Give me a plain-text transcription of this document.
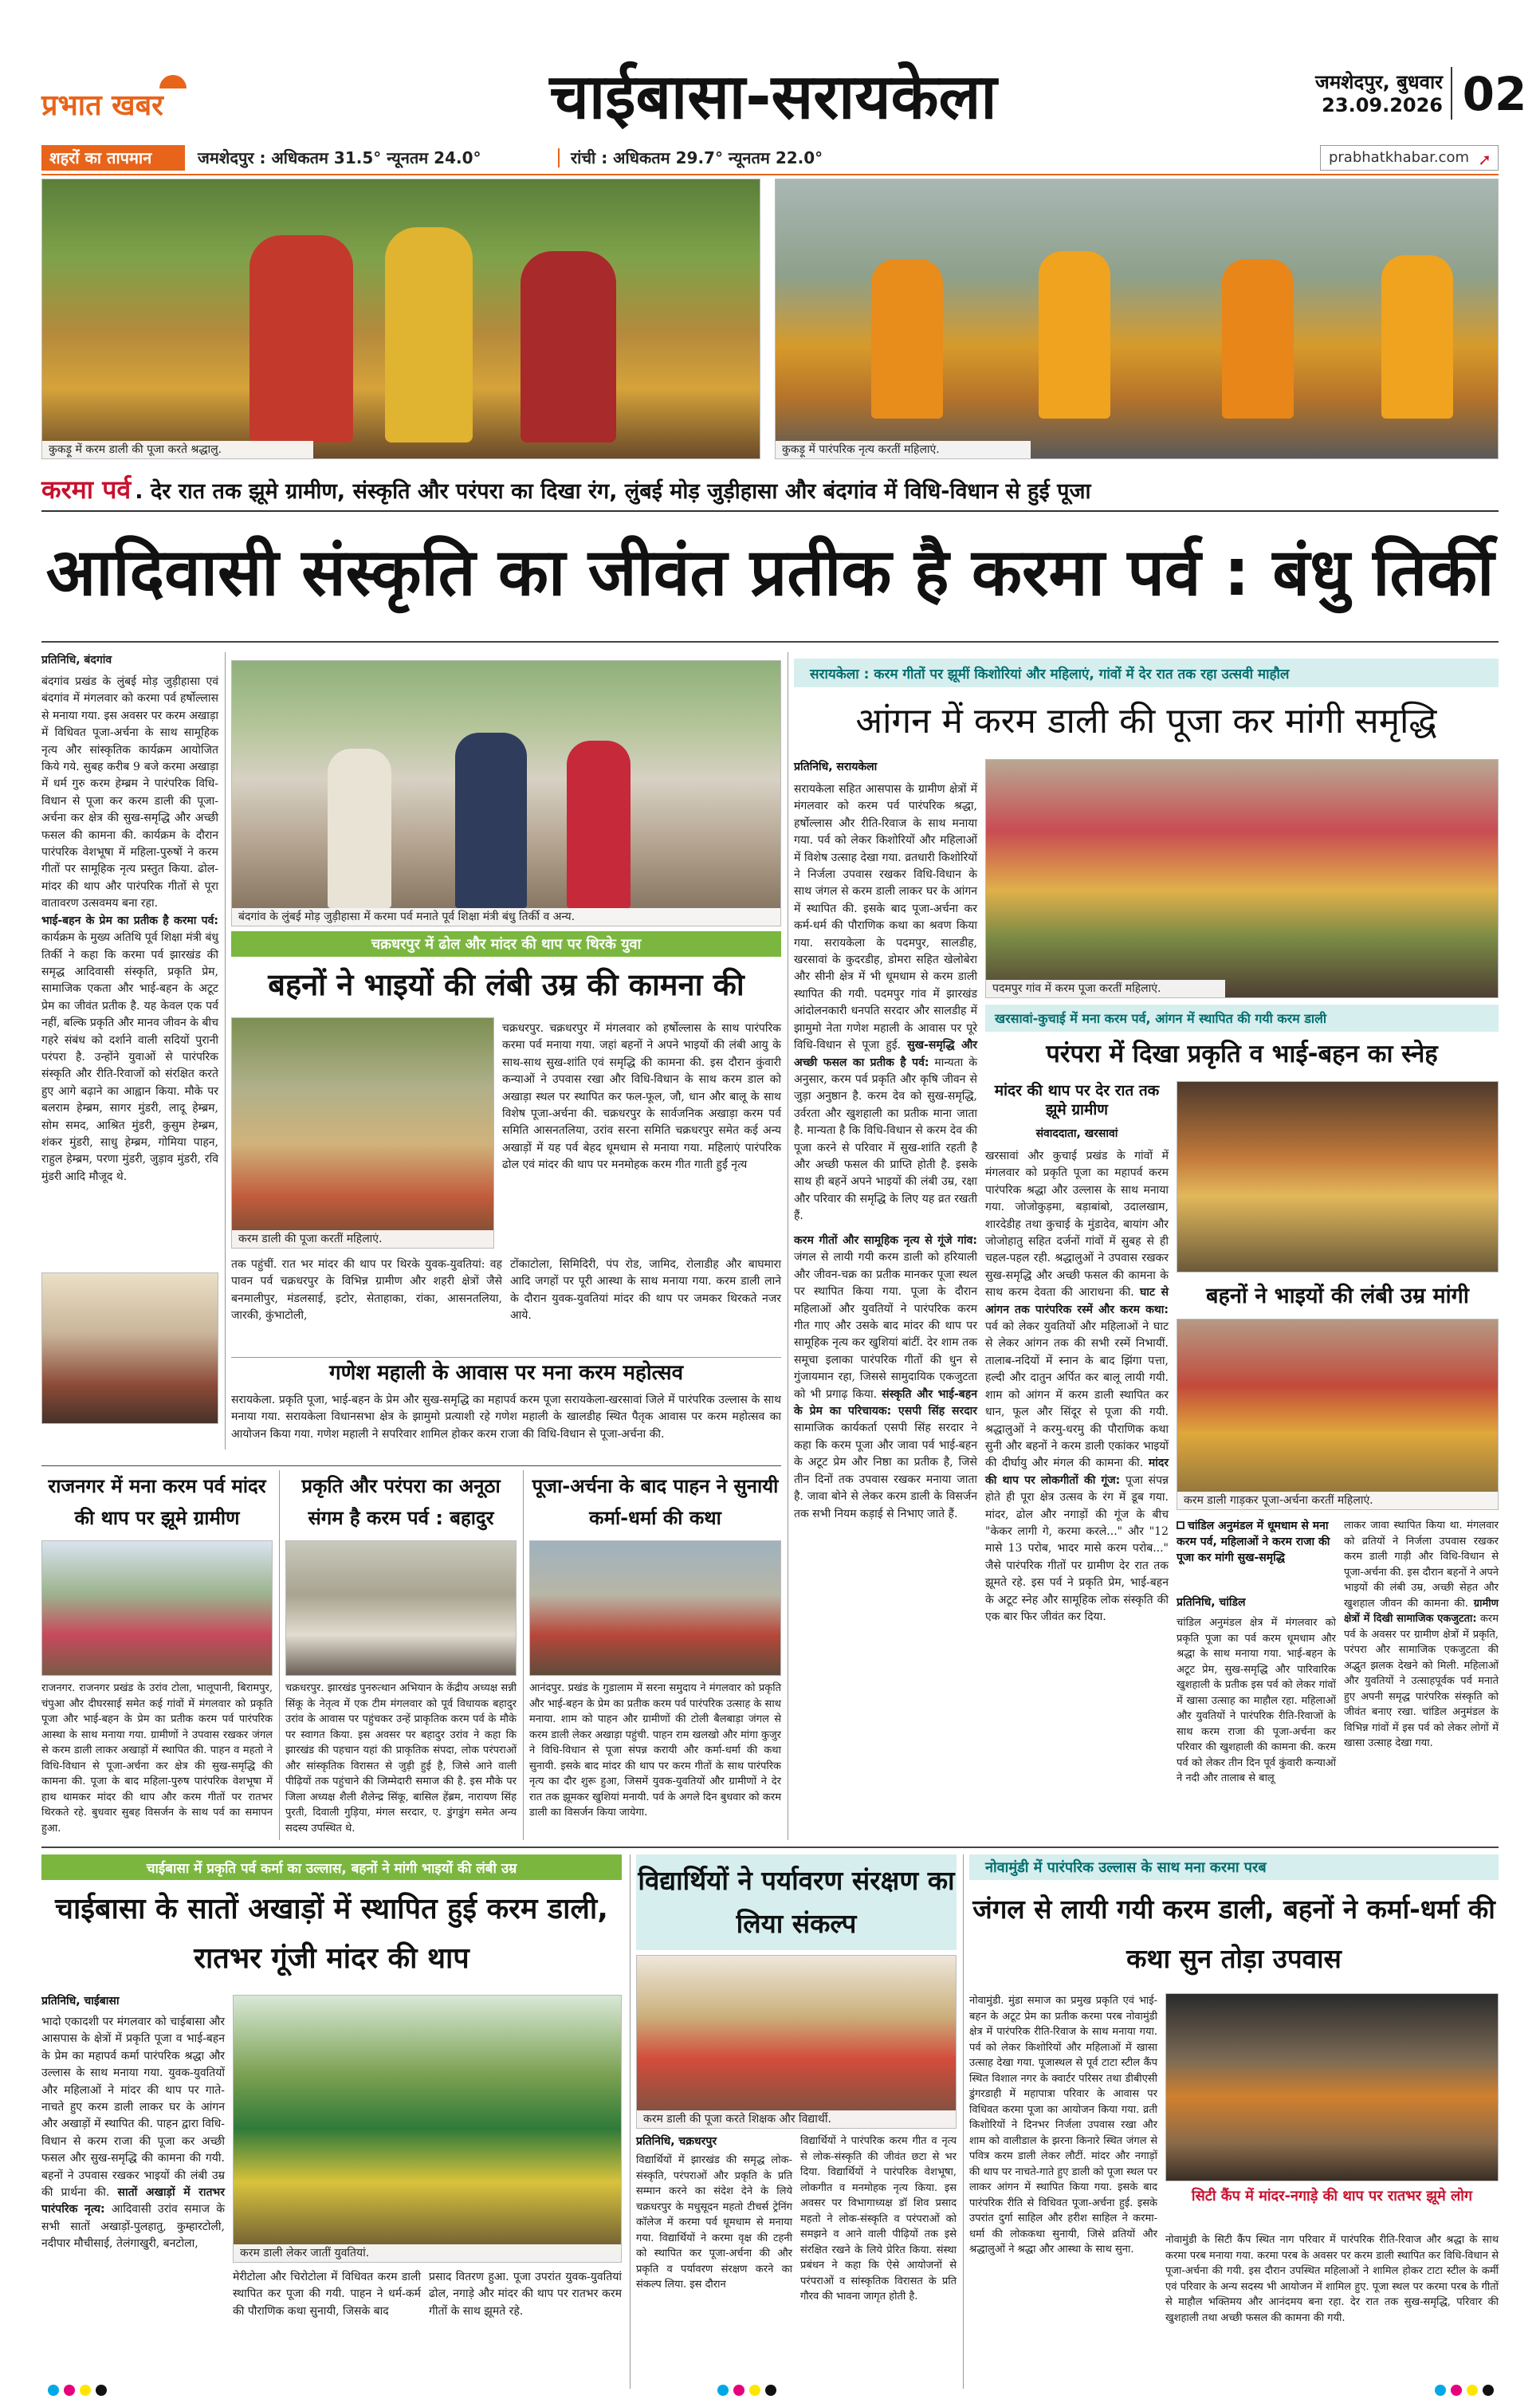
प्रभात खबर	चाईबासा-सरायकेला	जमशेदपुर, बुधवार
23.09.2026 02
शहरों का तापमान	जमशेदपुर : अधिकतम 31.5° न्यूनतम 24.0°	रांची : अधिकतम 29.7° न्यूनतम 22.0°	prabhatkhabar.com ➚
कुकड़ू में करम डाली की पूजा करते श्रद्धालु.	कुकड़ू में पारंपरिक नृत्य करतीं महिलाएं.
करमा पर्व . देर रात तक झूमे ग्रामीण, संस्कृति और परंपरा का दिखा रंग, लुंबई मोड़ जुड़ीहासा और बंदगांव में विधि-विधान से हुई पूजा
आदिवासी संस्कृति का जीवंत प्रतीक है करमा पर्व : बंधु तिर्की
प्रतिनिधि, बंदगांव
बंदगांव प्रखंड के लुंबई मोड़ जुड़ीहासा एवं बंदगांव में मंगलवार को करमा पर्व हर्षोल्लास से मनाया गया. इस अवसर पर करम अखाड़ा में विधिवत पूजा-अर्चना के साथ सामूहिक नृत्य और सांस्कृतिक कार्यक्रम आयोजित किये गये. सुबह करीब 9 बजे करमा अखाड़ा में धर्म गुरु करम हेम्ब्रम ने पारंपरिक विधि-विधान से पूजा कर करम डाली की पूजा-अर्चना कर क्षेत्र की सुख-समृद्धि और अच्छी फसल की कामना की. कार्यक्रम के दौरान पारंपरिक वेशभूषा में महिला-पुरुषों ने करम गीतों पर सामूहिक नृत्य प्रस्तुत किया. ढोल-मांदर की थाप और पारंपरिक गीतों से पूरा वातावरण उत्सवमय बना रहा.
भाई-बहन के प्रेम का प्रतीक है करमा पर्व: कार्यक्रम के मुख्य अतिथि पूर्व शिक्षा मंत्री बंधु तिर्की ने कहा कि करमा पर्व झारखंड की समृद्ध आदिवासी संस्कृति, प्रकृति प्रेम, सामाजिक एकता और भाई-बहन के अटूट प्रेम का जीवंत प्रतीक है. यह केवल एक पर्व नहीं, बल्कि प्रकृति और मानव जीवन के बीच गहरे संबंध को दर्शाने वाली सदियों पुरानी परंपरा है. उन्होंने युवाओं से पारंपरिक संस्कृति और रीति-रिवाजों को संरक्षित करते हुए आगे बढ़ाने का आह्वान किया. मौके पर बलराम हेम्ब्रम, सागर मुंडरी, लादू हेम्ब्रम, सोम समद, आश्रित मुंडरी, कुसुम हेम्ब्रम, शंकर मुंडरी, साधु हेम्ब्रम, गोमिया पाहन, राहुल हेम्ब्रम, परणा मुंडरी, जुड़ाव मुंडरी, रवि मुंडरी आदि मौजूद थे.
बंदगांव के लुंबई मोड़ जुड़ीहासा में करमा पर्व मनाते पूर्व शिक्षा मंत्री बंधु तिर्की व अन्य.
चक्रधरपुर में ढोल और मांदर की थाप पर थिरके युवा
बहनों ने भाइयों की लंबी उम्र की कामना की
करम डाली की पूजा करतीं महिलाएं.
चक्रधरपुर. चक्रधरपुर में मंगलवार को हर्षोल्लास के साथ पारंपरिक करमा पर्व मनाया गया. जहां बहनों ने अपने भाइयों की लंबी आयु के साथ-साथ सुख-शांति एवं समृद्धि की कामना की. इस दौरान कुंवारी कन्याओं ने उपवास रखा और विधि-विधान के साथ करम डाल को अखाड़ा स्थल पर स्थापित कर फल-फूल, जौ, धान और बालू के साथ विशेष पूजा-अर्चना की. चक्रधरपुर के सार्वजनिक अखाड़ा करम पर्व समिति आसनतलिया, उरांव सरना समिति चक्रधरपुर समेत कई अन्य अखाड़ों में यह पर्व बेहद धूमधाम से मनाया गया. महिलाएं पारंपरिक ढोल एवं मांदर की थाप पर मनमोहक करम गीत गाती हुईं नृत्य
तक पहुंचीं. रात भर मांदर की थाप पर थिरके युवक-युवतियां: वह पावन पर्व चक्रधरपुर के विभिन्न ग्रामीण और शहरी क्षेत्रों जैसे बनमालीपुर, मंडलसाई, इटोर, सेताहाका, रांका, आसनतलिया, जारकी, कुंभाटोली,
टोंकाटोला, सिमिदिरी, पंप रोड, जामिद, रोलाडीह और बाघमारा आदि जगहों पर पूरी आस्था के साथ मनाया गया. करम डाली लाने के दौरान युवक-युवतियां मांदर की थाप पर जमकर थिरकते नजर आये.
गणेश महाली के आवास पर मना करम महोत्सव
सरायकेला. प्रकृति पूजा, भाई-बहन के प्रेम और सुख-समृद्धि का महापर्व करम पूजा सरायकेला-खरसावां जिले में पारंपरिक उल्लास के साथ मनाया गया. सरायकेला विधानसभा क्षेत्र के झामुमो प्रत्याशी रहे गणेश महाली के खालडीह स्थित पैतृक आवास पर करम महोत्सव का आयोजन किया गया. गणेश महाली ने सपरिवार शामिल होकर करम राजा की विधि-विधान से पूजा-अर्चना की.
राजनगर में मना करम पर्व मांदर की थाप पर झूमे ग्रामीण
राजनगर. राजनगर प्रखंड के उरांव टोला, भालूपानी, बिरामपुर, चंपुआ और दीघरसाई समेत कई गांवों में मंगलवार को प्रकृति पूजा और भाई-बहन के प्रेम का प्रतीक करम पर्व पारंपरिक आस्था के साथ मनाया गया. ग्रामीणों ने उपवास रखकर जंगल से करम डाली लाकर अखाड़ों में स्थापित की. पाहन व महतो ने विधि-विधान से पूजा-अर्चना कर क्षेत्र की सुख-समृद्धि की कामना की. पूजा के बाद महिला-पुरुष पारंपरिक वेशभूषा में हाथ थामकर मांदर की थाप और करम गीतों पर रातभर थिरकते रहे. बुधवार सुबह विसर्जन के साथ पर्व का समापन हुआ.
प्रकृति और परंपरा का अनूठा संगम है करम पर्व : बहादुर
चक्रधरपुर. झारखंड पुनरुत्थान अभियान के केंद्रीय अध्यक्ष सन्नी सिंकू के नेतृत्व में एक टीम मंगलवार को पूर्व विधायक बहादुर उरांव के आवास पर पहुंचकर उन्हें प्राकृतिक करम पर्व के मौके पर स्वागत किया. इस अवसर पर बहादुर उरांव ने कहा कि झारखंड की पहचान यहां की प्राकृतिक संपदा, लोक परंपराओं और सांस्कृतिक विरासत से जुड़ी हुई है, जिसे आने वाली पीढ़ियों तक पहुंचाने की जिम्मेदारी समाज की है. इस मौके पर जिला अध्यक्ष शैली शैलेन्द्र सिंकू, बासिल हेंब्रम, नारायण सिंह पुरती, दिवाली गुड़िया, मंगल सरदार, ए. डुंगडुंग समेत अन्य सदस्य उपस्थित थे.
पूजा-अर्चना के बाद पाहन ने सुनायी कर्मा-धर्मा की कथा
आनंदपुर. प्रखंड के गुडालाम में सरना समुदाय ने मंगलवार को प्रकृति और भाई-बहन के प्रेम का प्रतीक करम पर्व पारंपरिक उत्साह के साथ मनाया. शाम को पाहन और ग्रामीणों की टोली बैलबाड़ा जंगल से करम डाली लेकर अखाड़ा पहुंची. पाहन राम खलखो और मांगा कुजुर ने विधि-विधान से पूजा संपन्न करायी और कर्मा-धर्मा की कथा सुनायी. इसके बाद मांदर की थाप पर करम गीतों के साथ पारंपरिक नृत्य का दौर शुरू हुआ, जिसमें युवक-युवतियों और ग्रामीणों ने देर रात तक झूमकर खुशियां मनायी. पर्व के अगले दिन बुधवार को करम डाली का विसर्जन किया जायेगा.
सरायकेला : करम गीतों पर झूमीं किशोरियां और महिलाएं, गांवों में देर रात तक रहा उत्सवी माहौल
आंगन में करम डाली की पूजा कर मांगी समृद्धि
प्रतिनिधि, सरायकेला
सरायकेला सहित आसपास के ग्रामीण क्षेत्रों में मंगलवार को करम पर्व पारंपरिक श्रद्धा, हर्षोल्लास और रीति-रिवाज के साथ मनाया गया. पर्व को लेकर किशोरियों और महिलाओं में विशेष उत्साह देखा गया. व्रतधारी किशोरियों ने निर्जला उपवास रखकर विधि-विधान के साथ जंगल से करम डाली लाकर घर के आंगन में स्थापित की. इसके बाद पूजा-अर्चना कर कर्म-धर्म की पौराणिक कथा का श्रवण किया गया. सरायकेला के पदमपुर, सालडीह, खरसावां के कुदरडीह, डोमरा सहित खेलोबेरा और सीनी क्षेत्र में भी धूमधाम से करम डाली स्थापित की गयी. पदमपुर गांव में झारखंड आंदोलनकारी धनपति सरदार और सालडीह में झामुमो नेता गणेश महाली के आवास पर पूरे विधि-विधान से पूजा हुई. सुख-समृद्धि और अच्छी फसल का प्रतीक है पर्व: मान्यता के अनुसार, करम पर्व प्रकृति और कृषि जीवन से जुड़ा अनुष्ठान है. करम देव को सुख-समृद्धि, उर्वरता और खुशहाली का प्रतीक माना जाता है. मान्यता है कि विधि-विधान से करम देव की पूजा करने से परिवार में सुख-शांति रहती है और अच्छी फसल की प्राप्ति होती है. इसके साथ ही बहनें अपने भाइयों की लंबी उम्र, रक्षा और परिवार की समृद्धि के लिए यह व्रत रखती हैं.
पदमपुर गांव में करम पूजा करतीं महिलाएं.
खरसावां-कुचाई में मना करम पर्व, आंगन में स्थापित की गयी करम डाली
परंपरा में दिखा प्रकृति व भाई-बहन का स्नेह
मांदर की थाप पर देर रात तक झूमे ग्रामीण
संवाददाता, खरसावां
खरसावां और कुचाई प्रखंड के गांवों में मंगलवार को प्रकृति पूजा का महापर्व करम पारंपरिक श्रद्धा और उल्लास के साथ मनाया गया. जोजोकुड़मा, बड़ाबांबो, उदालखाम, शारदेडीह तथा कुचाई के मुंडादेव, बायांग और जोजोहातु सहित दर्जनों गांवों में सुबह से ही चहल-पहल रही. श्रद्धालुओं ने उपवास रखकर सुख-समृद्धि और अच्छी फसल की कामना के साथ करम देवता की आराधना की. घाट से आंगन तक पारंपरिक रस्में और करम कथा: पर्व को लेकर युवतियों और महिलाओं ने घाट से लेकर आंगन तक की सभी रस्में निभायीं. तालाब-नदियों में स्नान के बाद झिंगा पत्ता, हल्दी और दातुन अर्पित कर बालू लायी गयी. शाम को आंगन में करम डाली स्थापित कर धान, फूल और सिंदूर से पूजा की गयी. श्रद्धालुओं ने करमु-धरमु की पौराणिक कथा सुनी और बहनों ने करम डाली एकांकर भाइयों की दीर्घायु और मंगल की कामना की. मांदर की थाप पर लोकगीतों की गूंज: पूजा संपन्न होते ही पूरा क्षेत्र उत्सव के रंग में डूब गया. मांदर, ढोल और नगाड़ों की गूंज के बीच "केकर लागी गे, करमा करले..." और "12 मासे 13 परोब, भादर मासे करम परोब..." जैसे पारंपरिक गीतों पर ग्रामीण देर रात तक झूमते रहे. इस पर्व ने प्रकृति प्रेम, भाई-बहन के अटूट स्नेह और सामूहिक लोक संस्कृति की एक बार फिर जीवंत कर दिया.
बहनों ने भाइयों की लंबी उम्र मांगी
करम डाली गाड़कर पूजा-अर्चना करतीं महिलाएं.
करम गीतों और सामूहिक नृत्य से गूंजे गांव: जंगल से लायी गयी करम डाली को हरियाली और जीवन-चक्र का प्रतीक मानकर पूजा स्थल पर स्थापित किया गया. पूजा के दौरान महिलाओं और युवतियों ने पारंपरिक करम गीत गाए और उसके बाद मांदर की थाप पर सामूहिक नृत्य कर खुशियां बांटीं. देर शाम तक समूचा इलाका पारंपरिक गीतों की धुन से गुंजायमान रहा, जिससे सामुदायिक एकजुटता को भी प्रगाढ़ किया. संस्कृति और भाई-बहन के प्रेम का परिचायक: एसपी सिंह सरदार सामाजिक कार्यकर्ता एसपी सिंह सरदार ने कहा कि करम पूजा और जावा पर्व भाई-बहन के अटूट प्रेम और निष्ठा का प्रतीक है, जिसे तीन दिनों तक उपवास रखकर मनाया जाता है. जावा बोने से लेकर करम डाली के विसर्जन तक सभी नियम कड़ाई से निभाए जाते हैं.
चांडिल अनुमंडल में धूमधाम से मना करम पर्व, महिलाओं ने करम राजा की पूजा कर मांगी सुख-समृद्धि
प्रतिनिधि, चांडिल
चांडिल अनुमंडल क्षेत्र में मंगलवार को प्रकृति पूजा का पर्व करम धूमधाम और श्रद्धा के साथ मनाया गया. भाई-बहन के अटूट प्रेम, सुख-समृद्धि और पारिवारिक खुशहाली के प्रतीक इस पर्व को लेकर गांवों में खासा उत्साह का माहौल रहा. महिलाओं और युवतियों ने पारंपरिक रीति-रिवाजों के साथ करम राजा की पूजा-अर्चना कर परिवार की खुशहाली की कामना की. करम पर्व को लेकर तीन दिन पूर्व कुंवारी कन्याओं ने नदी और तालाब से बालू
लाकर जावा स्थापित किया था. मंगलवार को व्रतियों ने निर्जला उपवास रखकर करम डाली गाड़ी और विधि-विधान से पूजा-अर्चना की. इस दौरान बहनों ने अपने भाइयों की लंबी उम्र, अच्छी सेहत और खुशहाल जीवन की कामना की. ग्रामीण क्षेत्रों में दिखी सामाजिक एकजुटता: करम पर्व के अवसर पर ग्रामीण क्षेत्रों में प्रकृति, परंपरा और सामाजिक एकजुटता की अद्भुत झलक देखने को मिली. महिलाओं और युवतियों ने उत्साहपूर्वक पर्व मनाते हुए अपनी समृद्ध पारंपरिक संस्कृति को जीवंत बनाए रखा. चांडिल अनुमंडल के विभिन्न गांवों में इस पर्व को लेकर लोगों में खासा उत्साह देखा गया.
चाईबासा में प्रकृति पर्व कर्मा का उल्लास, बहनों ने मांगी भाइयों की लंबी उम्र
चाईबासा के सातों अखाड़ों में स्थापित हुई करम डाली, रातभर गूंजी मांदर की थाप
प्रतिनिधि, चाईबासा
भादो एकादशी पर मंगलवार को चाईबासा और आसपास के क्षेत्रों में प्रकृति पूजा व भाई-बहन के प्रेम का महापर्व कर्मा पारंपरिक श्रद्धा और उल्लास के साथ मनाया गया. युवक-युवतियों और महिलाओं ने मांदर की थाप पर गाते-नाचते हुए करम डाली लाकर घर के आंगन और अखाड़ों में स्थापित की. पाहन द्वारा विधि-विधान से करम राजा की पूजा कर अच्छी फसल और सुख-समृद्धि की कामना की गयी. बहनों ने उपवास रखकर भाइयों की लंबी उम्र की प्रार्थना की. सातों अखाड़ों में रातभर पारंपरिक नृत्य: आदिवासी उरांव समाज के सभी सातों अखाड़ों-पुलहातु, कुम्हारटोली, नदीपार मौचीसाई, तेलंगाखुरी, बनटोला,
करम डाली लेकर जातीं युवतियां.
मेरीटोला और चिरोटोला में विधिवत करम डाली स्थापित कर पूजा की गयी. पाहन ने धर्म-कर्म की पौराणिक कथा सुनायी, जिसके बाद
प्रसाद वितरण हुआ. पूजा उपरांत युवक-युवतियां ढोल, नगाड़े और मांदर की थाप पर रातभर करम गीतों के साथ झूमते रहे.
विद्यार्थियों ने पर्यावरण संरक्षण का लिया संकल्प
करम डाली की पूजा करते शिक्षक और विद्यार्थी.
प्रतिनिधि, चक्रधरपुर
विद्यार्थियों में झारखंड की समृद्ध लोक-संस्कृति, परंपराओं और प्रकृति के प्रति सम्मान करने का संदेश देने के लिये चक्रधरपुर के मधुसूदन महतो टीचर्स ट्रेनिंग कॉलेज में करमा पर्व धूमधाम से मनाया गया. विद्यार्थियों ने करमा वृक्ष की टहनी को स्थापित कर पूजा-अर्चना की और प्रकृति व पर्यावरण संरक्षण करने का संकल्प लिया. इस दौरान
विद्यार्थियों ने पारंपरिक करम गीत व नृत्य से लोक-संस्कृति की जीवंत छटा से भर दिया. विद्यार्थियों ने पारंपरिक वेशभूषा, लोकगीत व मनमोहक नृत्य किया. इस अवसर पर विभागाध्यक्ष डॉ शिव प्रसाद महतो ने लोक-संस्कृति व परंपराओं को समझने व आने वाली पीढ़ियों तक इसे संरक्षित रखने के लिये प्रेरित किया. संस्था प्रबंधन ने कहा कि ऐसे आयोजनों से परंपराओं व सांस्कृतिक विरासत के प्रति गौरव की भावना जागृत होती है.
नोवामुंडी में पारंपरिक उल्लास के साथ मना करमा परब
जंगल से लायी गयी करम डाली, बहनों ने कर्मा-धर्मा की कथा सुन तोड़ा उपवास
नोवामुंडी. मुंडा समाज का प्रमुख प्रकृति एवं भाई-बहन के अटूट प्रेम का प्रतीक करमा परब नोवामुंडी क्षेत्र में पारंपरिक रीति-रिवाज के साथ मनाया गया. पर्व को लेकर किशोरियों और महिलाओं में खासा उत्साह देखा गया. पूजास्थल से पूर्व टाटा स्टील कैंप स्थित विशाल नगर के क्वार्टर परिसर तथा डीबीएसी डुंगरडाही में महापात्रा परिवार के आवास पर विधिवत करमा पूजा का आयोजन किया गया. व्रती किशोरियों ने दिनभर निर्जला उपवास रखा और शाम को वालीडाल के झरना किनारे स्थित जंगल से पवित्र करम डाली लेकर लौटीं. मांदर और नगाड़ों की थाप पर नाचते-गाते हुए डाली को पूजा स्थल पर लाकर आंगन में स्थापित किया गया. इसके बाद पारंपरिक रीति से विधिवत पूजा-अर्चना हुई. इसके उपरांत दुर्गा साहिल और हरीश साहिल ने करमा-धर्मा की लोककथा सुनायी, जिसे व्रतियों और श्रद्धालुओं ने श्रद्धा और आस्था के साथ सुना.
सिटी कैंप में मांदर-नगाड़े की थाप पर रातभर झूमे लोग
नोवामुंडी के सिटी कैंप स्थित नाग परिवार में पारंपरिक रीति-रिवाज और श्रद्धा के साथ करमा परब मनाया गया. करमा परब के अवसर पर करम डाली स्थापित कर विधि-विधान से पूजा-अर्चना की गयी. इस दौरान उपस्थित महिलाओं ने शामिल होकर टाटा स्टील के कर्मी एवं परिवार के अन्य सदस्य भी आयोजन में शामिल हुए. पूजा स्थल पर करमा परब के गीतों से माहौल भक्तिमय और आनंदमय बना रहा. देर रात तक सुख-समृद्धि, परिवार की खुशहाली तथा अच्छी फसल की कामना की गयी.
